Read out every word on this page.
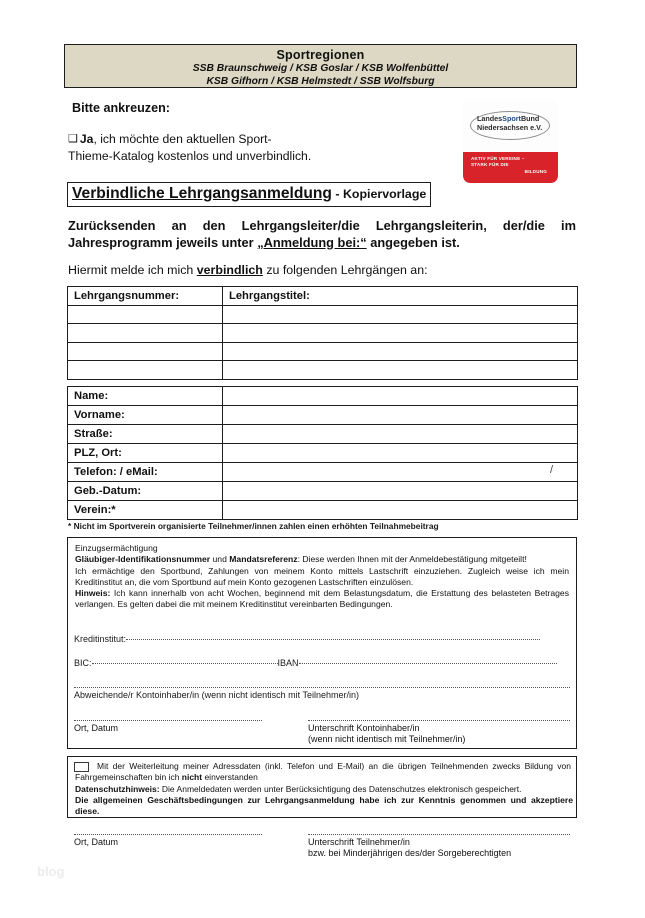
Sportregionen
SSB Braunschweig / KSB Goslar / KSB Wolfenbüttel
KSB Gifhorn / KSB Helmstedt / SSB Wolfsburg
Bitte ankreuzen:
❑ Ja, ich möchte den aktuellen Sport-
Thieme-Katalog kostenlos und unverbindlich.
LandesSportBund
Niedersachsen e.V.
AKTIV FÜR VEREINE –
STARK FÜR DIE
BILDUNG
Verbindliche Lehrgangsanmeldung - Kopiervorlage
Zurücksenden an den Lehrgangsleiter/die Lehrgangsleiterin, der/die im Jahresprogramm jeweils unter „Anmeldung bei:“ angegeben ist.
Hiermit melde ich mich verbindlich zu folgenden Lehrgängen an:
Lehrgangsnummer:	Lehrgangstitel:

Name:	
Vorname:	
Straße:	
PLZ, Ort:	
Telefon: / eMail:	/

Geb.-Datum:	
Verein:*	
* Nicht im Sportverein organisierte Teilnehmer/innen zahlen einen erhöhten Teilnahmebeitrag
Einzugsermächtigung
Gläubiger-Identifikationsnummer und Mandatsreferenz: Diese werden Ihnen mit der Anmeldebestätigung mitgeteilt!
Ich ermächtige den Sportbund, Zahlungen von meinem Konto mittels Lastschrift einzuziehen. Zugleich weise ich mein Kreditinstitut an, die vom Sportbund auf mein Konto gezogenen Lastschriften einzulösen.
Hinweis: Ich kann innerhalb von acht Wochen, beginnend mit dem Belastungsdatum, die Erstattung des belasteten Betrages verlangen. Es gelten dabei die mit meinem Kreditinstitut vereinbarten Bedingungen.
Kreditinstitut:
BIC:	IBAN
Abweichende/r Kontoinhaber/in (wenn nicht identisch mit Teilnehmer/in)
Ort, Datum	Unterschrift Kontoinhaber/in
(wenn nicht identisch mit Teilnehmer/in)
Mit der Weiterleitung meiner Adressdaten (inkl. Telefon und E-Mail) an die übrigen Teilnehmenden zwecks Bildung von Fahrgemeinschaften bin ich nicht einverstanden
Datenschutzhinweis: Die Anmeldedaten werden unter Berücksichtigung des Datenschutzes elektronisch gespeichert.
Die allgemeinen Geschäftsbedingungen zur Lehrgangsanmeldung habe ich zur Kenntnis genommen und akzeptiere diese.
Ort, Datum	Unterschrift Teilnehmer/in
bzw. bei Minderjährigen des/der Sorgeberechtigten
blog
